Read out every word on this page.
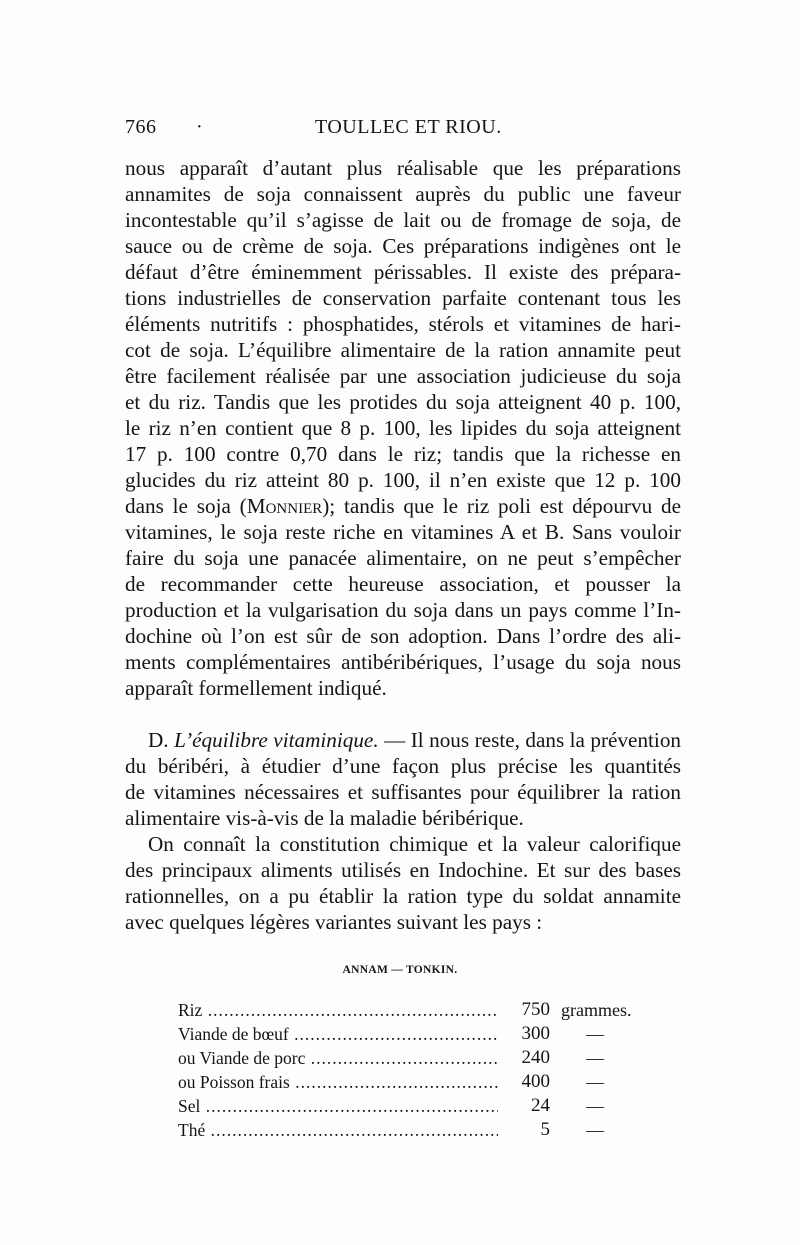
766 ·	TOULLEC ET RIOU.
nous apparaît d’autant plus réalisable que les préparations
annamites de soja connaissent auprès du public une faveur
incontestable qu’il s’agisse de lait ou de fromage de soja, de
sauce ou de crème de soja. Ces préparations indigènes ont le
défaut d’être éminemment périssables. Il existe des prépara-
tions industrielles de conservation parfaite contenant tous les
éléments nutritifs : phosphatides, stérols et vitamines de hari-
cot de soja. L’équilibre alimentaire de la ration annamite peut
être facilement réalisée par une association judicieuse du soja
et du riz. Tandis que les protides du soja atteignent 40 p. 100,
le riz n’en contient que 8 p. 100, les lipides du soja atteignent
17 p. 100 contre 0,70 dans le riz; tandis que la richesse en
glucides du riz atteint 80 p. 100, il n’en existe que 12 p. 100
dans le soja (Monnier); tandis que le riz poli est dépourvu de
vitamines, le soja reste riche en vitamines A et B. Sans vouloir
faire du soja une panacée alimentaire, on ne peut s’empêcher
de recommander cette heureuse association, et pousser la
production et la vulgarisation du soja dans un pays comme l’In-
dochine où l’on est sûr de son adoption. Dans l’ordre des ali-
ments complémentaires antibéribériques, l’usage du soja nous
apparaît formellement indiqué.
D. L’équilibre vitaminique. — Il nous reste, dans la prévention
du béribéri, à étudier d’une façon plus précise les quantités
de vitamines nécessaires et suffisantes pour équilibrer la ration
alimentaire vis-à-vis de la maladie béribérique.
On connaît la constitution chimique et la valeur calorifique
des principaux aliments utilisés en Indochine. Et sur des bases
rationnelles, on a pu établir la ration type du soldat annamite
avec quelques légères variantes suivant les pays :
ANNAM — TONKIN.
Riz .....	750 grammes.
Viande de bœuf .....	300 —
ou Viande de porc .....	240 —
ou Poisson frais .....	400 —
Sel .....	24 —
Thé .....	5 —
